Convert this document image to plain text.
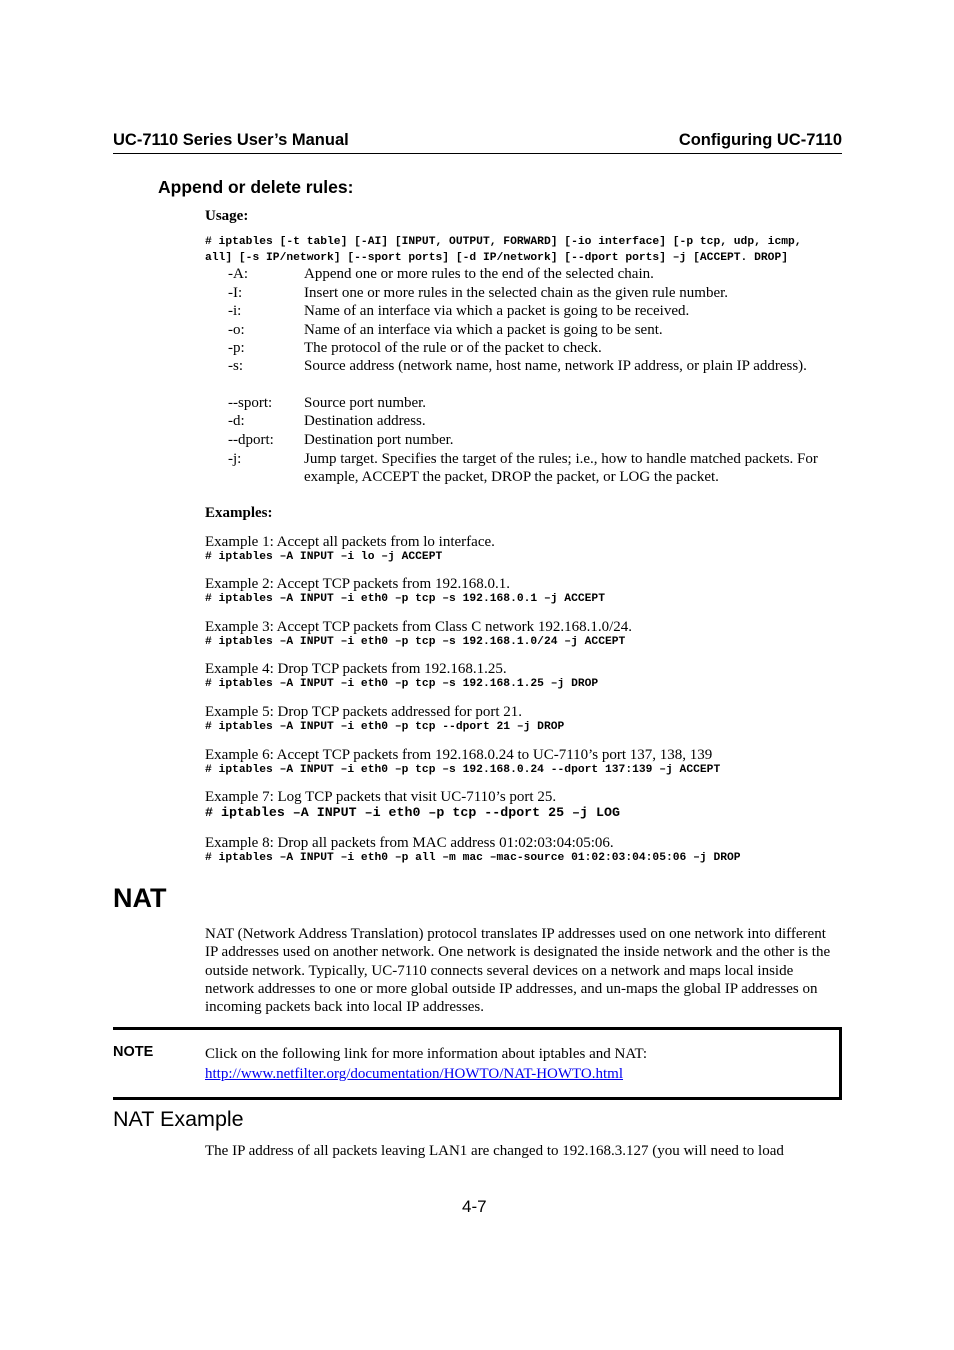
UC-7110 Series User’s Manual	Configuring UC-7110
Append or delete rules:
Usage:
# iptables [-t table] [-AI] [INPUT, OUTPUT, FORWARD] [-io interface] [-p tcp, udp, icmp,
all] [-s IP/network] [--sport ports] [-d IP/network] [--dport ports] –j [ACCEPT. DROP]
-A:	Append one or more rules to the end of the selected chain.
-I:	Insert one or more rules in the selected chain as the given rule number.
-i:	Name of an interface via which a packet is going to be received.
-o:	Name of an interface via which a packet is going to be sent.
-p:	The protocol of the rule or of the packet to check.
-s:	Source address (network name, host name, network IP address, or plain IP address).
--sport: Source port number.
-d:	Destination address.
--dport: Destination port number.
-j:	Jump target. Specifies the target of the rules; i.e., how to handle matched packets. For example, ACCEPT the packet, DROP the packet, or LOG the packet.
Examples:
Example 1: Accept all packets from lo interface.
# iptables –A INPUT –i lo –j ACCEPT
Example 2: Accept TCP packets from 192.168.0.1.
# iptables –A INPUT –i eth0 –p tcp –s 192.168.0.1 –j ACCEPT
Example 3: Accept TCP packets from Class C network 192.168.1.0/24.
# iptables –A INPUT –i eth0 –p tcp –s 192.168.1.0/24 –j ACCEPT
Example 4: Drop TCP packets from 192.168.1.25.
# iptables –A INPUT –i eth0 –p tcp –s 192.168.1.25 –j DROP
Example 5: Drop TCP packets addressed for port 21.
# iptables –A INPUT –i eth0 –p tcp --dport 21 –j DROP
Example 6: Accept TCP packets from 192.168.0.24 to UC-7110’s port 137, 138, 139
# iptables –A INPUT –i eth0 –p tcp –s 192.168.0.24 --dport 137:139 –j ACCEPT
Example 7: Log TCP packets that visit UC-7110’s port 25.
# iptables –A INPUT –i eth0 –p tcp --dport 25 –j LOG
Example 8: Drop all packets from MAC address 01:02:03:04:05:06.
# iptables –A INPUT –i eth0 –p all –m mac –mac-source 01:02:03:04:05:06 –j DROP
NAT
NAT (Network Address Translation) protocol translates IP addresses used on one network into different IP addresses used on another network. One network is designated the inside network and the other is the outside network. Typically, UC-7110 connects several devices on a network and maps local inside network addresses to one or more global outside IP addresses, and un-maps the global IP addresses on incoming packets back into local IP addresses.
NOTE	Click on the following link for more information about iptables and NAT:
http://www.netfilter.org/documentation/HOWTO/NAT-HOWTO.html
NAT Example
The IP address of all packets leaving LAN1 are changed to 192.168.3.127 (you will need to load
4-7
